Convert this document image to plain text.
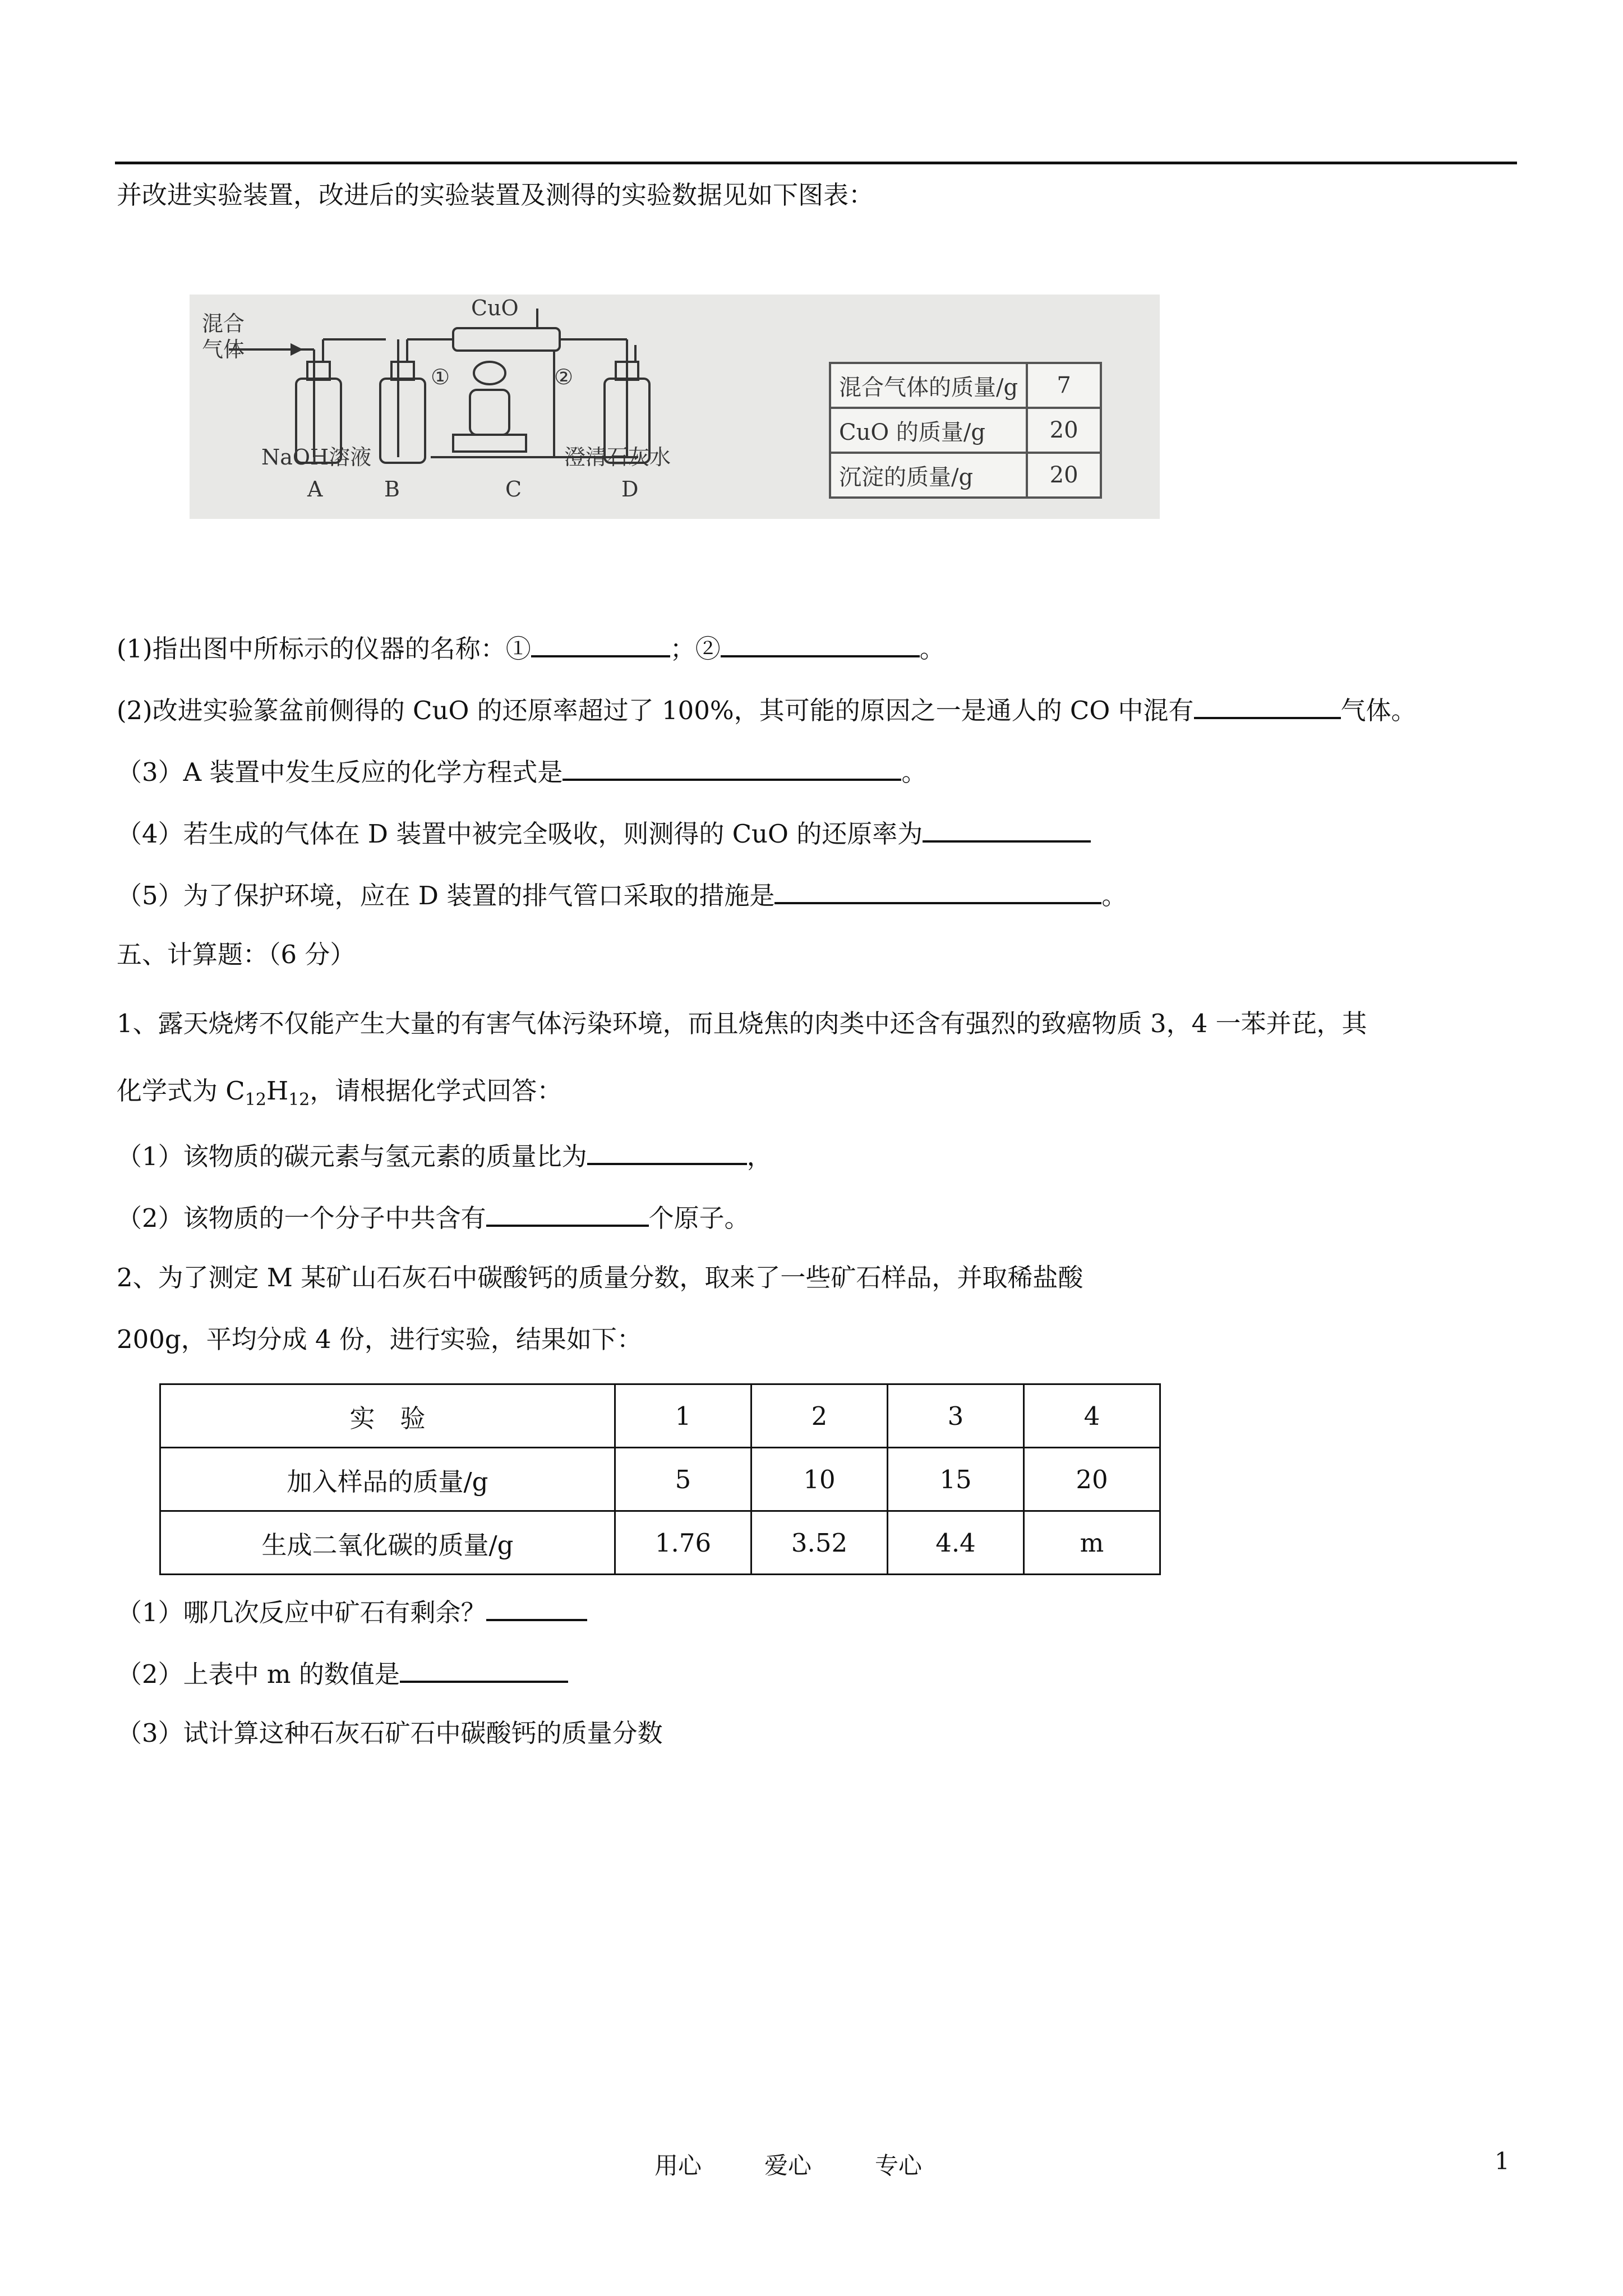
并改进实验装置，改进后的实验装置及测得的实验数据见如下图表：
混合
气体
CuO
①	②
NaOH溶液	澄清石灰水
A	B	C	D
混合气体的质量/g	7
CuO 的质量/g	20
沉淀的质量/g	20
(1)指出图中所标示的仪器的名称：①	；②	。
(2)改进实验篆盆前侧得的 CuO 的还原率超过了 100%，其可能的原因之一是通人的 CO 中混有	气体。
（3）A 装置中发生反应的化学方程式是	。
（4）若生成的气体在 D 装置中被完全吸收，则测得的 CuO 的还原率为
（5）为了保护环境，应在 D 装置的排气管口采取的措施是	。
五、计算题：（6 分）
1、露天烧烤不仅能产生大量的有害气体污染环境，而且烧焦的肉类中还含有强烈的致癌物质 3，4 一苯并芘，其
化学式为 $C_{12}H_{12}$，请根据化学式回答：
（1）该物质的碳元素与氢元素的质量比为	，
（2）该物质的一个分子中共含有	个原子。
2、为了测定 M 某矿山石灰石中碳酸钙的质量分数，取来了一些矿石样品，并取稀盐酸
200g，平均分成 4 份，进行实验，结果如下：
实　验	1	2	3	4
加入样品的质量/g	5	10	15	20
生成二氧化碳的质量/g	1.76	3.52	4.4	m
（1）哪几次反应中矿石有剩余？
（2）上表中 m 的数值是
（3）试计算这种石灰石矿石中碳酸钙的质量分数
用心	爱心	专心	1
